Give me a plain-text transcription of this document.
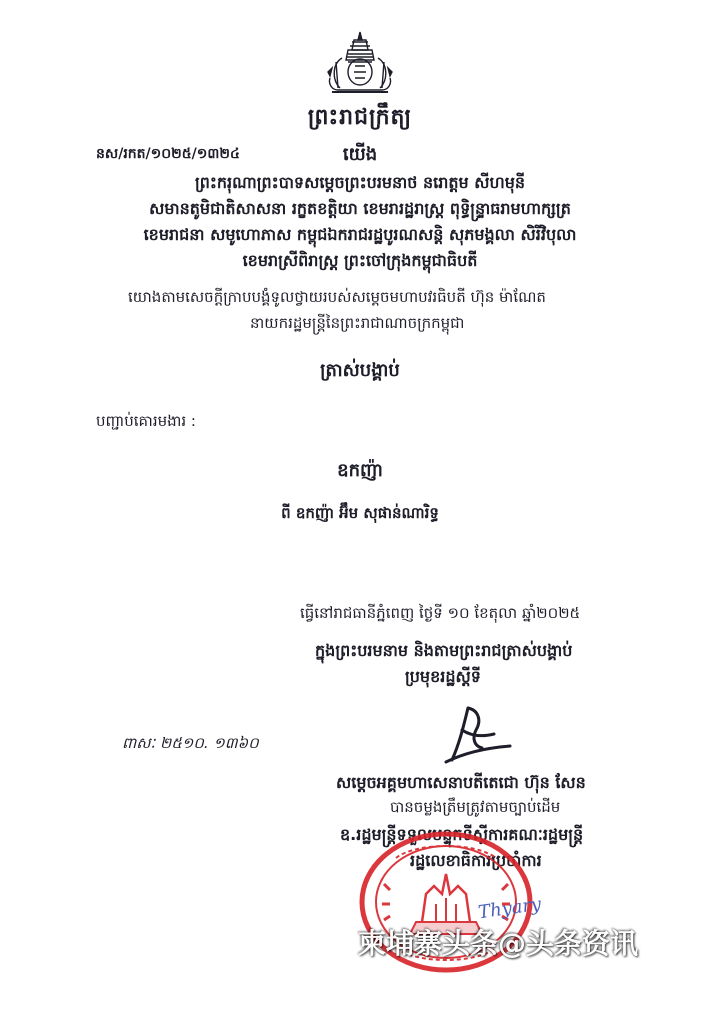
ព្រះរាជក្រឹត្យ
នស/រកត/១០២៥/១៣២៤	យើង
ព្រះករុណាព្រះបាទសម្តេចព្រះបរមនាថ នរោត្តម សីហមុនី
សមានតូមិជាតិសាសនា រក្ខតខត្តិយា ខេមរារដ្ឋរាស្ត្រ ពុទ្ធិន្ទ្រាធរាមហាក្សត្រ
ខេមរាជនា សមូហោភាស កម្ពុជឯករាជរដ្ឋបូរណសន្តិ សុភមង្គលា សិរីវិបុលា
ខេមរាស្រីពិរាស្ត្រ ព្រះចៅក្រុងកម្ពុជាធិបតី
យោងតាមសេចក្តីក្រាបបង្គំទូលថ្វាយរបស់សម្តេចមហាបវរធិបតី ហ៊ុន ម៉ាណែត
នាយករដ្ឋមន្ត្រីនៃព្រះរាជាណាចក្រកម្ពុជា
ត្រាស់បង្គាប់
បញ្ជាប់គោរមងារ :
ឧកញ៉ា
ពី ឧកញ៉ា អ៊ឹម សុផាន់ណារិទ្ធ
ធ្វើនៅរាជធានីភ្នំពេញ ថ្ងៃទី ១០ ខែតុលា ឆ្នាំ២០២៥
ក្នុងព្រះបរមនាម និងតាមព្រះរាជត្រាស់បង្គាប់
ប្រមុខរដ្ឋស្តីទី
ពាសៈ ២៥១០. ១៣៦០
សម្តេចអគ្គមហាសេនាបតីតេជោ ហ៊ុន សែន
បានចម្លងត្រឹមត្រូវតាមច្បាប់ដើម
ឧ.រដ្ឋមន្ត្រីទទួលបន្ទុកទីស្តីការគណៈរដ្ឋមន្ត្រី
រដ្ឋលេខាធិការប្រចាំការ
Thyary
柬埔寨头条@头条资讯
